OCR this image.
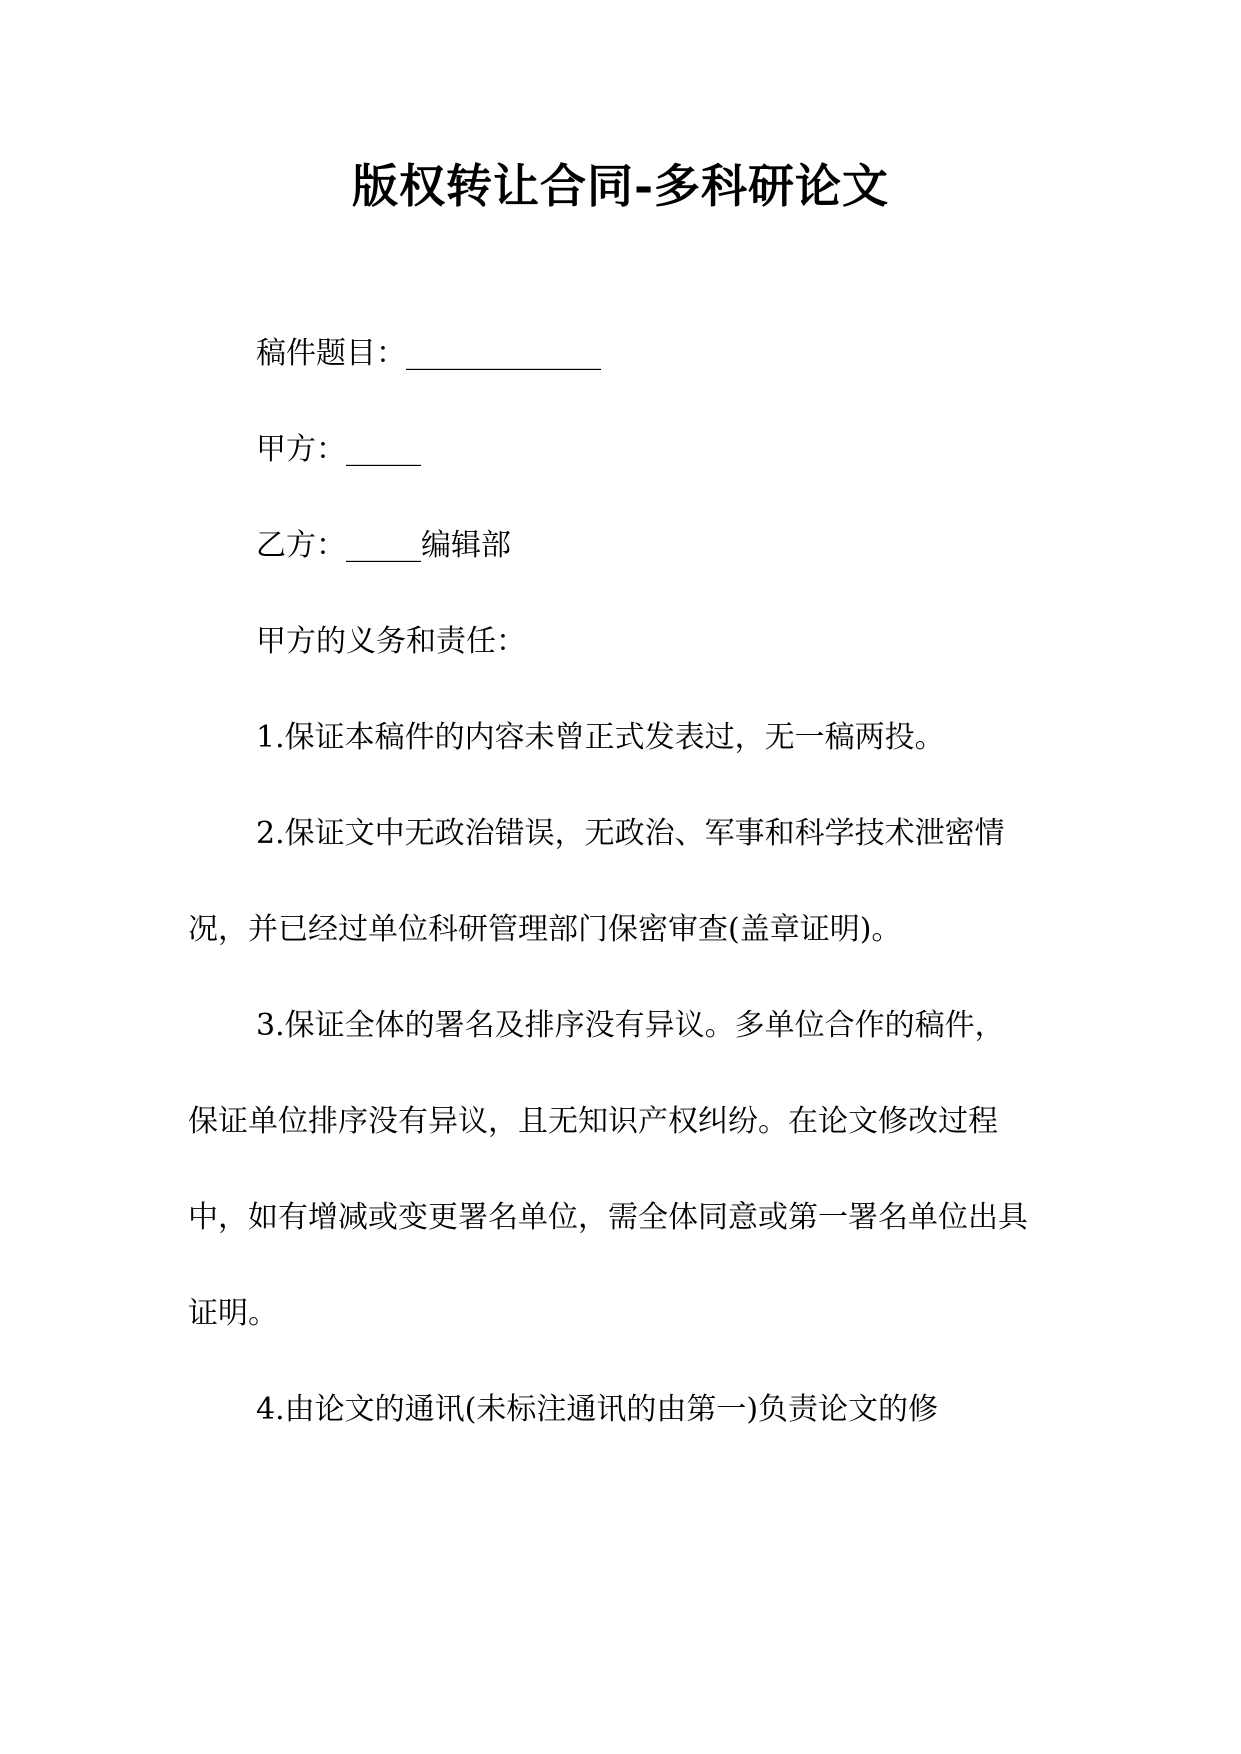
版权转让合同-多科研论文

稿件题目：_____________

甲方：_____

乙方：_____编辑部

甲方的义务和责任：

1.保证本稿件的内容未曾正式发表过，无一稿两投。

2.保证文中无政治错误，无政治、军事和科学技术泄密情况，并已经过单位科研管理部门保密审查(盖章证明)。

3.保证全体的署名及排序没有异议。多单位合作的稿件，保证单位排序没有异议，且无知识产权纠纷。在论文修改过程中，如有增减或变更署名单位，需全体同意或第一署名单位出具证明。

4.由论文的通讯(未标注通讯的由第一)负责论文的修
